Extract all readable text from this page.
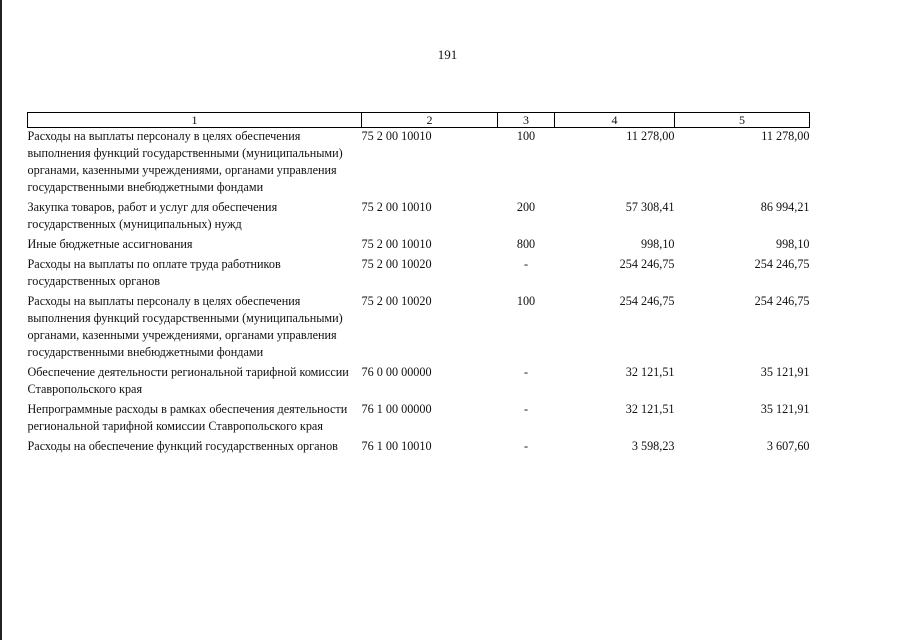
191
1	2	3	4	5
Расходы на выплаты персоналу в целях обеспечения выполнения функций государственными (муниципальными) органами, казенными учреждениями, органами управления государственными внебюджетными фондами	75 2 00 10010	100	11 278,00	11 278,00
Закупка товаров, работ и услуг для обеспечения государственных (муниципальных) нужд	75 2 00 10010	200	57 308,41	86 994,21
Иные бюджетные ассигнования	75 2 00 10010	800	998,10	998,10
Расходы на выплаты по оплате труда работников государственных органов	75 2 00 10020	-	254 246,75	254 246,75
Расходы на выплаты персоналу в целях обеспечения выполнения функций государственными (муниципальными) органами, казенными учреждениями, органами управления государственными внебюджетными фондами	75 2 00 10020	100	254 246,75	254 246,75
Обеспечение деятельности региональной тарифной комиссии Ставропольского края	76 0 00 00000	-	32 121,51	35 121,91
Непрограммные расходы в рамках обеспечения деятельности региональной тарифной комиссии Ставропольского края	76 1 00 00000	-	32 121,51	35 121,91
Расходы на обеспечение функций государственных органов	76 1 00 10010	-	3 598,23	3 607,60
